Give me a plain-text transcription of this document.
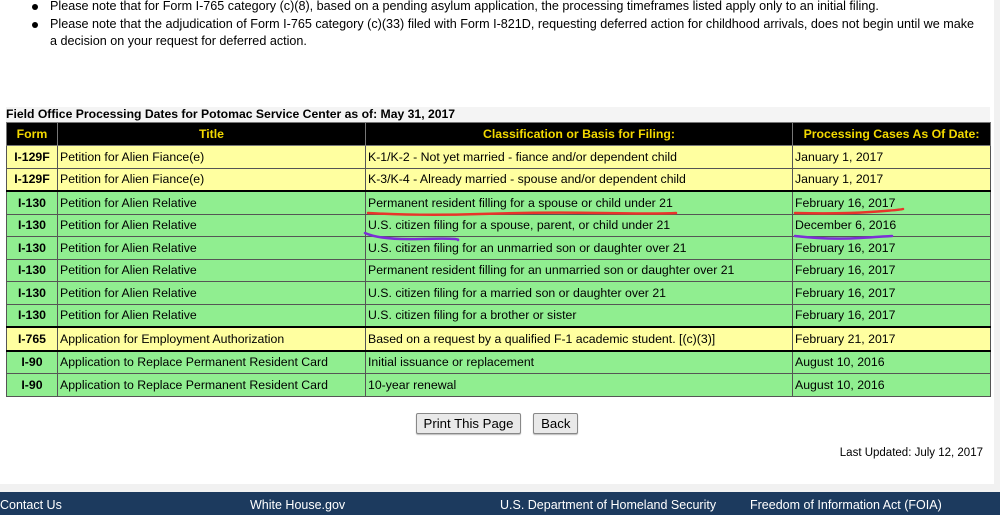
Please note that for Form I-765 category (c)(8), based on a pending asylum application, the processing timeframes listed apply only to an initial filing.
Please note that the adjudication of Form I-765 category (c)(33) filed with Form I-821D, requesting deferred action for childhood arrivals, does not begin until we make a decision on your request for deferred action.
Field Office Processing Dates for Potomac Service Center as of: May 31, 2017
Form	Title	Classification or Basis for Filing:	Processing Cases As Of Date:
I-129F	Petition for Alien Fiance(e)	K-1/K-2 - Not yet married - fiance and/or dependent child	January 1, 2017
I-129F	Petition for Alien Fiance(e)	K-3/K-4 - Already married - spouse and/or dependent child	January 1, 2017
I-130	Petition for Alien Relative	Permanent resident filling for a spouse or child under 21	February 16, 2017
I-130	Petition for Alien Relative	U.S. citizen filing for a spouse, parent, or child under 21	December 6, 2016
I-130	Petition for Alien Relative	U.S. citizen filing for an unmarried son or daughter over 21	February 16, 2017
I-130	Petition for Alien Relative	Permanent resident filling for an unmarried son or daughter over 21	February 16, 2017
I-130	Petition for Alien Relative	U.S. citizen filing for a married son or daughter over 21	February 16, 2017
I-130	Petition for Alien Relative	U.S. citizen filing for a brother or sister	February 16, 2017
I-765	Application for Employment Authorization	Based on a request by a qualified F-1 academic student. [(c)(3)]	February 21, 2017
I-90	Application to Replace Permanent Resident Card	Initial issuance or replacement	August 10, 2016
I-90	Application to Replace Permanent Resident Card	10-year renewal	August 10, 2016
Print This Page Back
Last Updated: July 12, 2017
Contact Us	White House.gov	U.S. Department of Homeland Security	Freedom of Information Act (FOIA)
